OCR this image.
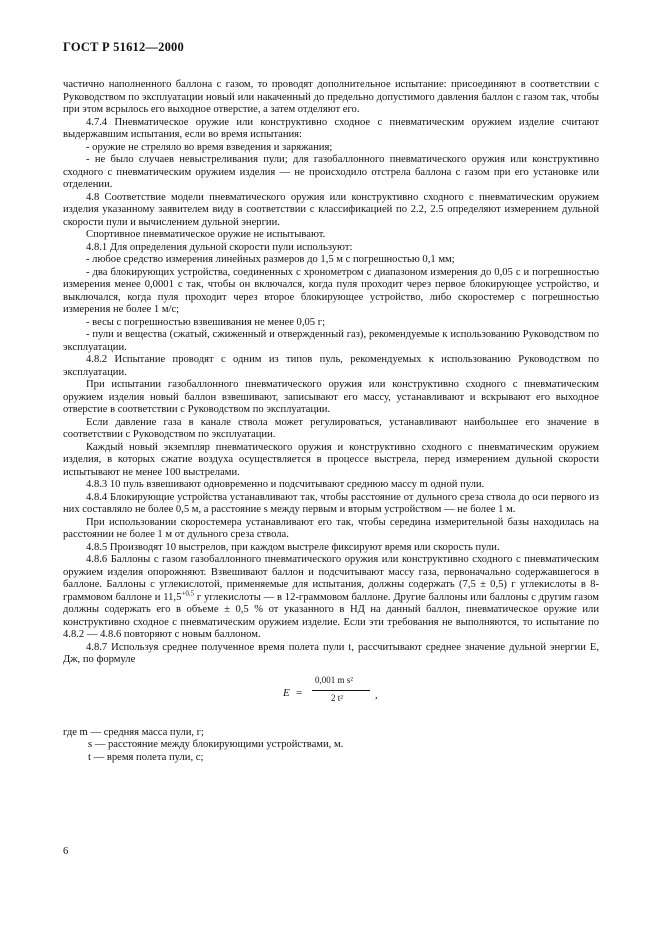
ГОСТ Р 51612—2000

частично наполненного баллона с газом, то проводят дополнительное испытание: присоединяют в соответствии с Руководством по эксплуатации новый или накаченный до предельно допустимого давления баллон с газом так, чтобы при этом всрылось его выходное отверстие, а затем отделяют его.

4.7.4 Пневматическое оружие или конструктивно сходное с пневматическим оружием изделие считают выдержавшим испытания, если во время испытания:

- оружие не стреляло во время взведения и заряжания;

- не было случаев невыстреливания пули; для газобаллонного пневматического оружия или конструктивно сходного с пневматическим оружием изделия — не происходило отстрела баллона с газом при его установке или отделении.

4.8 Соответствие модели пневматического оружия или конструктивно сходного с пневматическим оружием изделия указанному заявителем виду в соответствии с классификацией по 2.2, 2.5 определяют измерением дульной скорости пули и вычислением дульной энергии.

Спортивное пневматическое оружие не испытывают.

4.8.1 Для определения дульной скорости пули используют:

- любое средство измерения линейных размеров до 1,5 м с погрешностью 0,1 мм;

- два блокирующих устройства, соединенных с хронометром с диапазоном измерения до 0,05 с и погрешностью измерения менее 0,0001 с так, чтобы он включался, когда пуля проходит через первое блокирующее устройство, и выключался, когда пуля проходит через второе блокирующее устройство, либо скоростемер с погрешностью измерения не более 1 м/с;

- весы с погрешностью взвешивания не менее 0,05 г;

- пули и вещества (сжатый, сжиженный и отвержденный газ), рекомендуемые к использованию Руководством по эксплуатации.

4.8.2 Испытание проводят с одним из типов пуль, рекомендуемых к использованию Руководством по эксплуатации.

При испытании газобаллонного пневматического оружия или конструктивно сходного с пневматическим оружием изделия новый баллон взвешивают, записывают его массу, устанавливают и вскрывают его выходное отверстие в соответствии с Руководством по эксплуатации.

Если давление газа в канале ствола может регулироваться, устанавливают наибольшее его значение в соответствии с Руководством по эксплуатации.

Каждый новый экземпляр пневматического оружия и конструктивно сходного с пневматическим оружием изделия, в которых сжатие воздуха осуществляется в процессе выстрела, перед измерением дульной скорости испытывают не менее 100 выстрелами.

4.8.3 10 пуль взвешивают одновременно и подсчитывают среднюю массу m одной пули.

4.8.4 Блокирующие устройства устанавливают так, чтобы расстояние от дульного среза ствола до оси первого из них составляло не более 0,5 м, а расстояние s между первым и вторым устройством — не более 1 м.

При использовании скоростемера устанавливают его так, чтобы середина измерительной базы находилась на расстоянии не более 1 м от дульного среза ствола.

4.8.5 Производят 10 выстрелов, при каждом выстреле фиксируют время или скорость пули.

4.8.6 Баллоны с газом газобаллонного пневматического оружия или конструктивно сходного с пневматическим оружием изделия опорожняют. Взвешивают баллон и подсчитывают массу газа, первоначально содержавшегося в баллоне. Баллоны с углекислотой, применяемые для испытания, должны содержать (7,5 ± 0,5) г углекислоты в 8-граммовом баллоне и $11,5^{+0,5}$ г углекислоты — в 12-граммовом баллоне. Другие баллоны или баллоны с другим газом должны содержать его в объеме ± 0,5 % от указанного в НД на данный баллон, пневматическое оружие или конструктивно сходное с пневматическим оружием изделие. Если эти требования не выполняются, то испытание по 4.8.2 — 4.8.6 повторяют с новым баллоном.

4.8.7 Используя среднее полученное время полета пули t, рассчитывают среднее значение дульной энергии E, Дж, по формуле

E =
0,001 m s²
2 t²	,

где m — средняя масса пули, г;

s — расстояние между блокирующими устройствами, м.

t — время полета пули, с;

6
